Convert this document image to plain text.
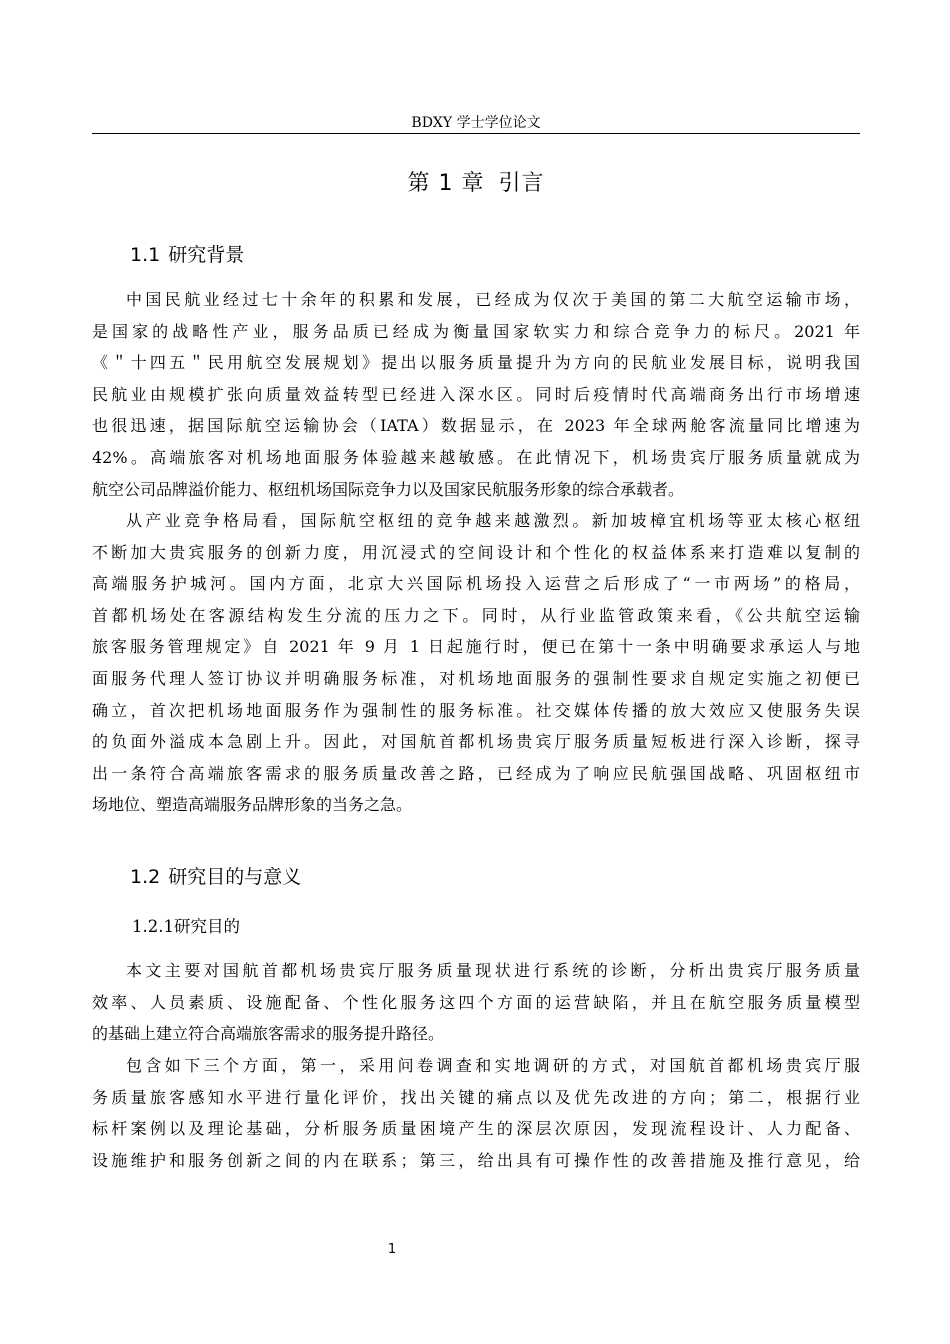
BDXY 学士学位论文
第 1 章 引言
1.1 研究背景
中国民航业经过七十余年的积累和发展，已经成为仅次于美国的第二大航空运输市场，
是国家的战略性产业，服务品质已经成为衡量国家软实力和综合竞争力的标尺。2021 年
《＂十四五＂民用航空发展规划》提出以服务质量提升为方向的民航业发展目标，说明我国
民航业由规模扩张向质量效益转型已经进入深水区。同时后疫情时代高端商务出行市场增速
也很迅速，据国际航空运输协会（IATA）数据显示，在 2023 年全球两舱客流量同比增速为
42%。高端旅客对机场地面服务体验越来越敏感。在此情况下，机场贵宾厅服务质量就成为
航空公司品牌溢价能力、枢纽机场国际竞争力以及国家民航服务形象的综合承载者。
从产业竞争格局看，国际航空枢纽的竞争越来越激烈。新加坡樟宜机场等亚太核心枢纽
不断加大贵宾服务的创新力度，用沉浸式的空间设计和个性化的权益体系来打造难以复制的
高端服务护城河。国内方面，北京大兴国际机场投入运营之后形成了“一市两场”的格局，
首都机场处在客源结构发生分流的压力之下。同时，从行业监管政策来看，《公共航空运输
旅客服务管理规定》自 2021 年 9 月 1 日起施行时，便已在第十一条中明确要求承运人与地
面服务代理人签订协议并明确服务标准，对机场地面服务的强制性要求自规定实施之初便已
确立，首次把机场地面服务作为强制性的服务标准。社交媒体传播的放大效应又使服务失误
的负面外溢成本急剧上升。因此，对国航首都机场贵宾厅服务质量短板进行深入诊断，探寻
出一条符合高端旅客需求的服务质量改善之路，已经成为了响应民航强国战略、巩固枢纽市
场地位、塑造高端服务品牌形象的当务之急。
1.2 研究目的与意义
1.2.1研究目的
本文主要对国航首都机场贵宾厅服务质量现状进行系统的诊断，分析出贵宾厅服务质量
效率、人员素质、设施配备、个性化服务这四个方面的运营缺陷，并且在航空服务质量模型
的基础上建立符合高端旅客需求的服务提升路径。
包含如下三个方面，第一，采用问卷调查和实地调研的方式，对国航首都机场贵宾厅服
务质量旅客感知水平进行量化评价，找出关键的痛点以及优先改进的方向；第二，根据行业
标杆案例以及理论基础，分析服务质量困境产生的深层次原因，发现流程设计、人力配备、
设施维护和服务创新之间的内在联系；第三，给出具有可操作性的改善措施及推行意见，给
1
